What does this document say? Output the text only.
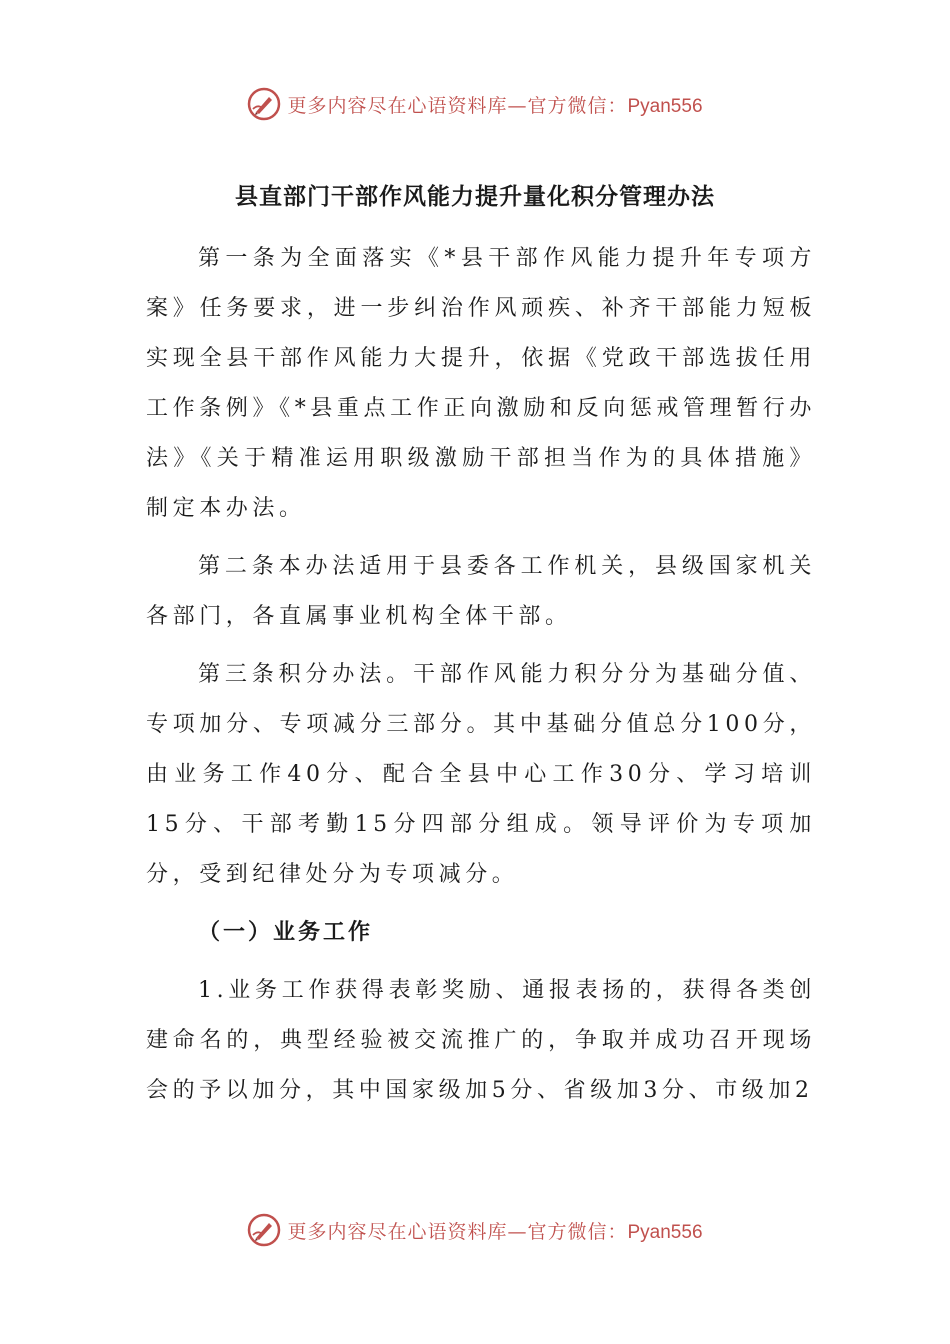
更多内容尽在心语资料库—官方微信：Pyan556
县直部门干部作风能力提升量化积分管理办法

第一条为全面落实《*县干部作风能力提升年专项方案》任务要求，进一步纠治作风顽疾、补齐干部能力短板实现全县干部作风能力大提升，依据《党政干部选拔任用工作条例》《*县重点工作正向激励和反向惩戒管理暂行办法》《关于精准运用职级激励干部担当作为的具体措施》制定本办法。

第二条本办法适用于县委各工作机关，县级国家机关各部门，各直属事业机构全体干部。

第三条积分办法。干部作风能力积分分为基础分值、专项加分、专项减分三部分。其中基础分值总分100分，由业务工作40分、配合全县中心工作30分、学习培训15分、干部考勤15分四部分组成。领导评价为专项加分，受到纪律处分为专项减分。

（一）业务工作

1.业务工作获得表彰奖励、通报表扬的，获得各类创建命名的，典型经验被交流推广的，争取并成功召开现场会的予以加分，其中国家级加5分、省级加3分、市级加2

更多内容尽在心语资料库—官方微信：Pyan556
